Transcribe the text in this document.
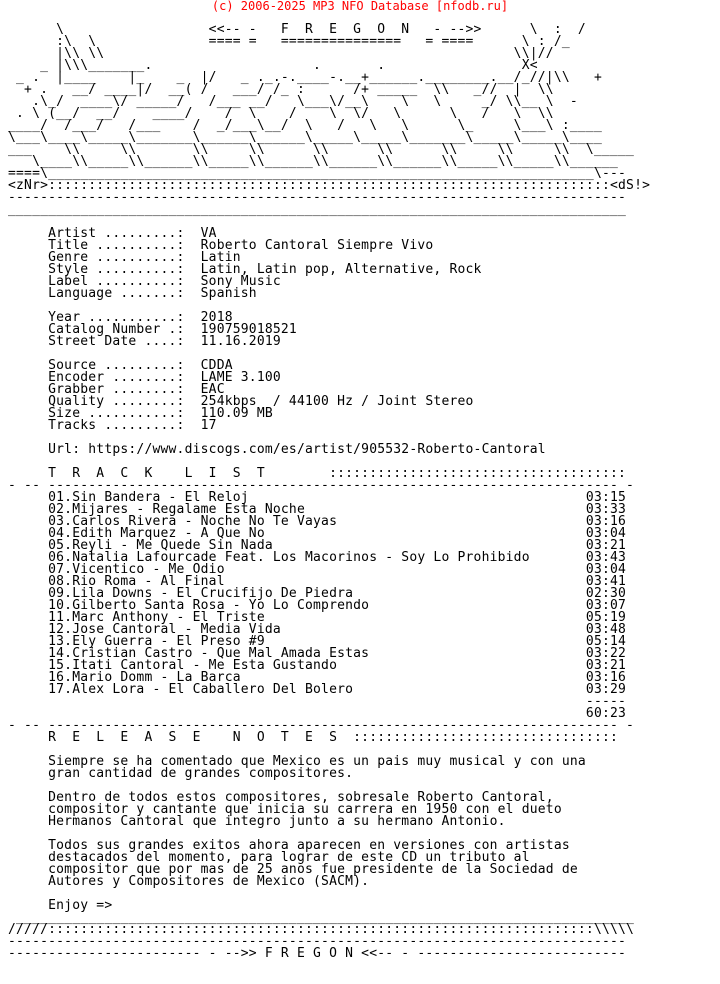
(c) 2006-2025 MP3 NFO Database [nfodb.ru]
\                  <<-- -   F  R  E  G  O  N   - -->>      \  :  /
:\  \              ==== =   ===============   = ====      \ : /_
|\\ \\                                                   \\|//
_ |\\\_______.                    .       .                 X<
_ .  |____    |_    _  |/   _ ._.-.____-.__+______.________.__/_//|\\   +
+ .   __/ ____|/  __( /   ___/ /_ :      /+ _____  \\   _//  |  \\
.\_/  ____\/ _____/   /___ __/   \___\/__\    \   \     _/ \\__ \  -
. \ (__/  __/    ____/    /  \    /    \  \/   \      \   /   \  \\
____/  /___/   /___    /  _/___\__/  \   /   \   \      \_     \___\ :____
\___\____\_____\_______\______\______\_____\_____\_______\_____\_____\____
___    \\     \\       \\     \\      \\      \\      \\     \\     \\  \_____
\____\\_____\\______\\_____\\______\\______\\______\\_____\\_____\\______
====\____________________________________________________________________\---
<zNr>::::::::::::::::::::::::::::::::::::::::::::::::::::::::::::::::::::::<dS!>
-----------------------------------------------------------------------------
_____________________________________________________________________________
Artist .........:  VA
Title ..........:  Roberto Cantoral Siempre Vivo
Genre ..........:  Latin
Style ..........:  Latin, Latin pop, Alternative, Rock
Label ..........:  Sony Music
Language .......:  Spanish
Year ...........:  2018
Catalog Number .:  190759018521
Street Date ....:  11.16.2019
Source .........:  CDDA
Encoder ........:  LAME 3.100
Grabber ........:  EAC
Quality ........:  254kbps  / 44100 Hz / Joint Stereo
Size ...........:  110.09 MB
Tracks .........:  17
Url: https://www.discogs.com/es/artist/905532-Roberto-Cantoral
T  R  A  C  K    L  I  S  T        :::::::::::::::::::::::::::::::::::::
- -- ----------------------------------------------------------------------- -
01.Sin Bandera - El Reloj                                          03:15
02.Mijares - Regalame Esta Noche                                   03:33
03.Carlos Rivera - Noche No Te Vayas                               03:16
04.Edith Marquez - A Que No                                        03:04
05.Reyli - Me Quede Sin Nada                                       03:21
06.Natalia Lafourcade Feat. Los Macorinos - Soy Lo Prohibido       03:43
07.Vicentico - Me Odio                                             03:04
08.Rio Roma - Al Final                                             03:41
09.Lila Downs - El Crucifijo De Piedra                             02:30
10.Gilberto Santa Rosa - Yo Lo Comprendo                           03:07
11.Marc Anthony - El Triste                                        05:19
12.Jose Cantoral - Media Vida                                      03:48
13.Ely Guerra - El Preso #9                                        05:14
14.Cristian Castro - Que Mal Amada Estas                           03:22
15.Itati Cantoral - Me Esta Gustando                               03:21
16.Mario Domm - La Barca                                           03:16
17.Alex Lora - El Caballero Del Bolero                             03:29
-----
60:23
- -- ----------------------------------------------------------------------- -
R  E  L  E  A  S  E    N  O  T  E  S  :::::::::::::::::::::::::::::::::
Siempre se ha comentado que Mexico es un pais muy musical y con una
gran cantidad de grandes compositores.
Dentro de todos estos compositores, sobresale Roberto Cantoral,
compositor y cantante que inicia su carrera en 1950 con el dueto
Hermanos Cantoral que integro junto a su hermano Antonio.
Todos sus grandes exitos ahora aparecen en versiones con artistas
destacados del momento, para lograr de este CD un tributo al
compositor que por mas de 25 anos fue presidente de la Sociedad de
Autores y Compositores de Mexico (SACM).
Enjoy =>
_____________________________________________________________________________
/////::::::::::::::::::::::::::::::::::::::::::::::::::::::::::::::::::::\\\\\
-----------------------------------------------------------------------------
------------------------ - -->> F R E G O N <<-- - --------------------------
